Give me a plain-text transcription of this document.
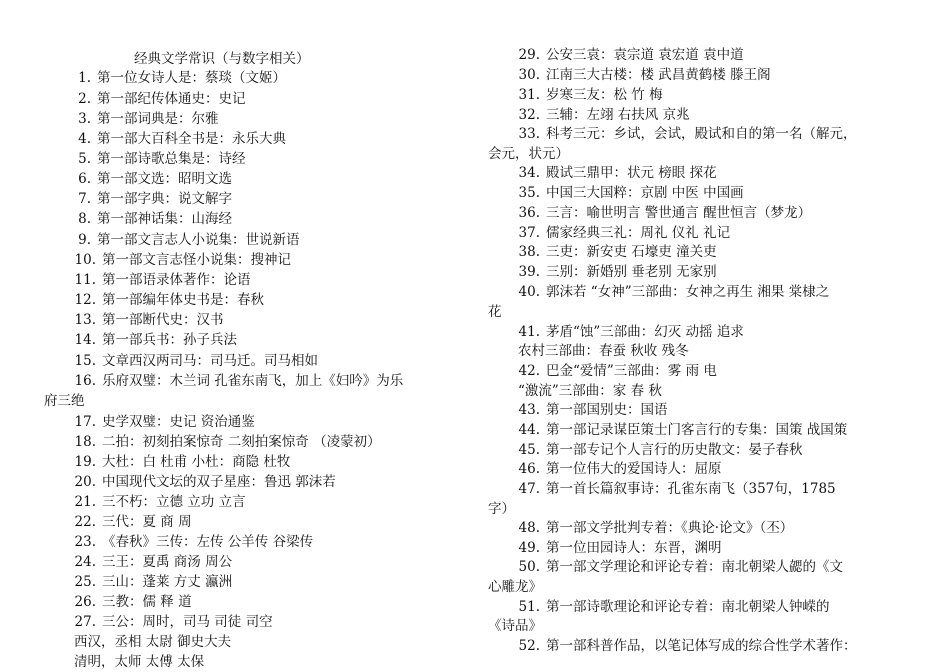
经典文学常识（与数字相关）
1. 第一位女诗人是：蔡琰（文姬）
2. 第一部纪传体通史：史记
3. 第一部词典是：尔雅
4. 第一部大百科全书是：永乐大典
5. 第一部诗歌总集是：诗经
6. 第一部文选：昭明文选
7. 第一部字典：说文解字
8. 第一部神话集：山海经
9. 第一部文言志人小说集：世说新语
10. 第一部文言志怪小说集：搜神记
11. 第一部语录体著作：论语
12. 第一部编年体史书是：春秋
13. 第一部断代史：汉书
14. 第一部兵书：孙子兵法
15. 文章西汉两司马：司马迁。司马相如
16. 乐府双璧：木兰词 孔雀东南飞，加上《妇吟》为乐
府三绝
17. 史学双璧：史记 资治通鉴
18. 二拍：初刻拍案惊奇 二刻拍案惊奇 （凌蒙初）
19. 大杜：白 杜甫 小杜：商隐 杜牧
20. 中国现代文坛的双子星座：鲁迅 郭沫若
21. 三不朽：立德 立功 立言
22. 三代：夏 商 周
23. 《春秋》三传：左传 公羊传 谷梁传
24. 三王：夏禹 商汤 周公
25. 三山：蓬莱 方丈 瀛洲
26. 三教：儒 释 道
27. 三公：周时，司马 司徒 司空
西汉，丞相 太尉 御史大夫
清明，太师 太傅 太保
29. 公安三袁：袁宗道 袁宏道 袁中道
30. 江南三大古楼：楼 武昌黄鹤楼 滕王阁
31. 岁寒三友：松 竹 梅
32. 三辅：左翊 右扶风 京兆
33. 科考三元：乡试，会试，殿试和自的第一名（解元，
会元，状元）
34. 殿试三鼎甲：状元 榜眼 探花
35. 中国三大国粹：京剧 中医 中国画
36. 三言：喻世明言 警世通言 醒世恒言（梦龙）
37. 儒家经典三礼：周礼 仪礼 礼记
38. 三吏：新安吏 石壕吏 潼关吏
39. 三别：新婚别 垂老别 无家别
40. 郭沫若 “女神”三部曲：女神之再生 湘果 棠棣之
花
41. 茅盾“蚀”三部曲：幻灭 动摇 追求
农村三部曲：春蚕 秋收 残冬
42. 巴金“爱情”三部曲：雾 雨 电
“激流”三部曲：家 春 秋
43. 第一部国别史：国语
44. 第一部记录谋臣策士门客言行的专集：国策 战国策
45. 第一部专记个人言行的历史散文：晏子春秋
46. 第一位伟大的爱国诗人：屈原
47. 第一首长篇叙事诗：孔雀东南飞（357句，1785
字）
48. 第一部文学批判专着：《典论·论文》（丕）
49. 第一位田园诗人：东晋，渊明
50. 第一部文学理论和评论专着：南北朝梁人勰的《文
心雕龙》
51. 第一部诗歌理论和评论专着：南北朝梁人钟嵘的
《诗品》
52. 第一部科普作品，以笔记体写成的综合性学术著作：
